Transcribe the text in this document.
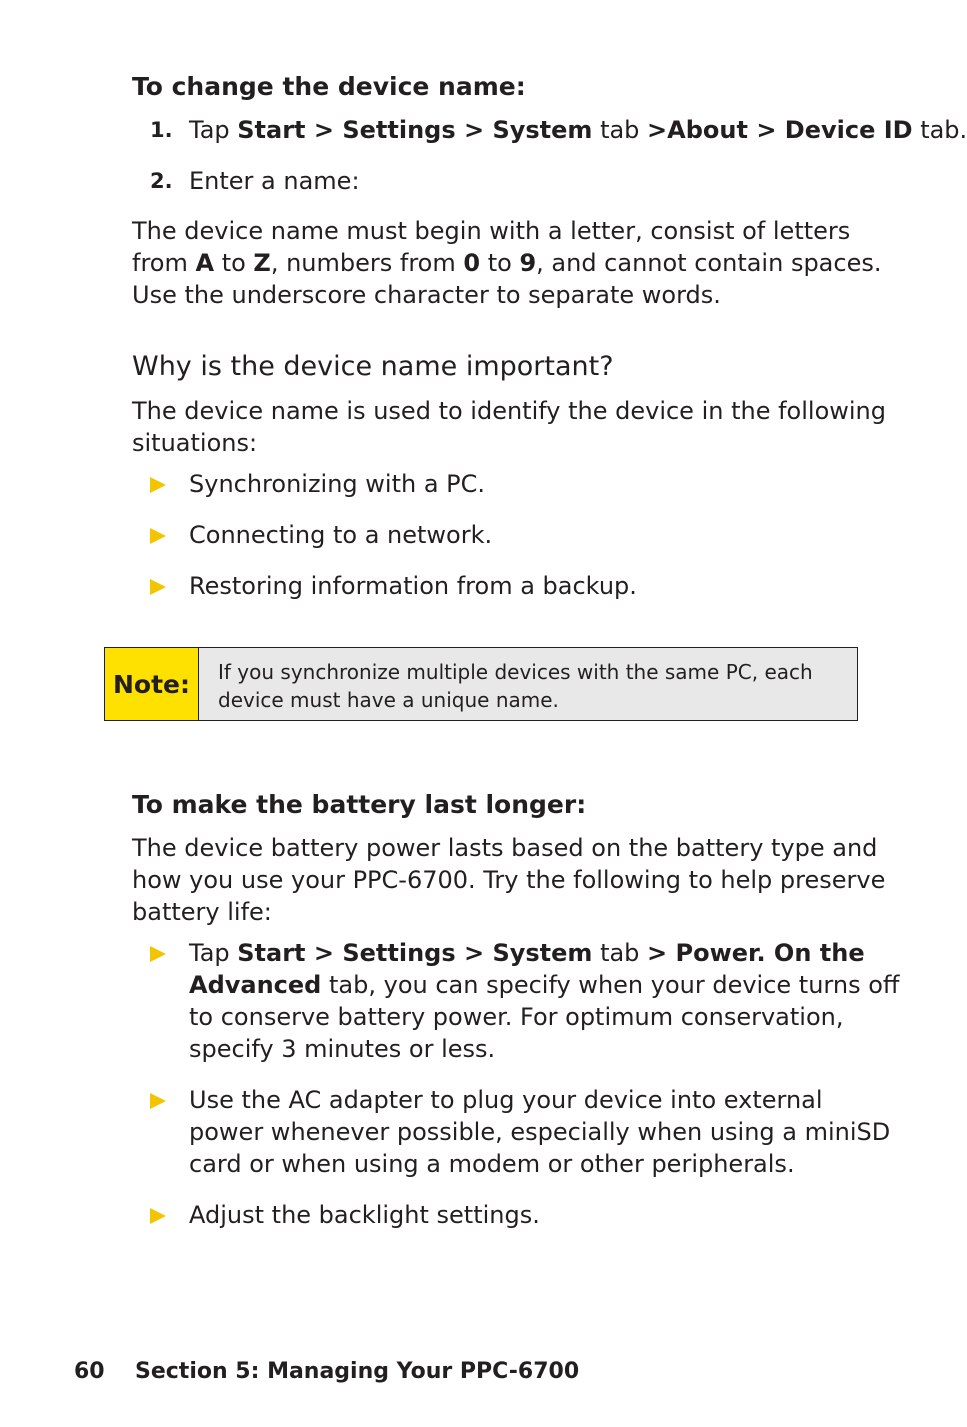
To change the device name:
1. Tap Start > Settings > System tab >About > Device ID tab.
2. Enter a name:
The device name must begin with a letter, consist of letters
from A to Z, numbers from 0 to 9, and cannot contain spaces.
Use the underscore character to separate words.
Why is the device name important?
The device name is used to identify the device in the following
situations:
Synchronizing with a PC.
Connecting to a network.
Restoring information from a backup.
Note:	If you synchronize multiple devices with the same PC, each
device must have a unique name.
To make the battery last longer:
The device battery power lasts based on the battery type and
how you use your PPC-6700. Try the following to help preserve
battery life:
Tap Start > Settings > System tab > Power. On the
Advanced tab, you can specify when your device turns off
to conserve battery power. For optimum conservation,
specify 3 minutes or less.
Use the AC adapter to plug your device into external
power whenever possible, especially when using a miniSD
card or when using a modem or other peripherals.
Adjust the backlight settings.
60 Section 5: Managing Your PPC-6700
